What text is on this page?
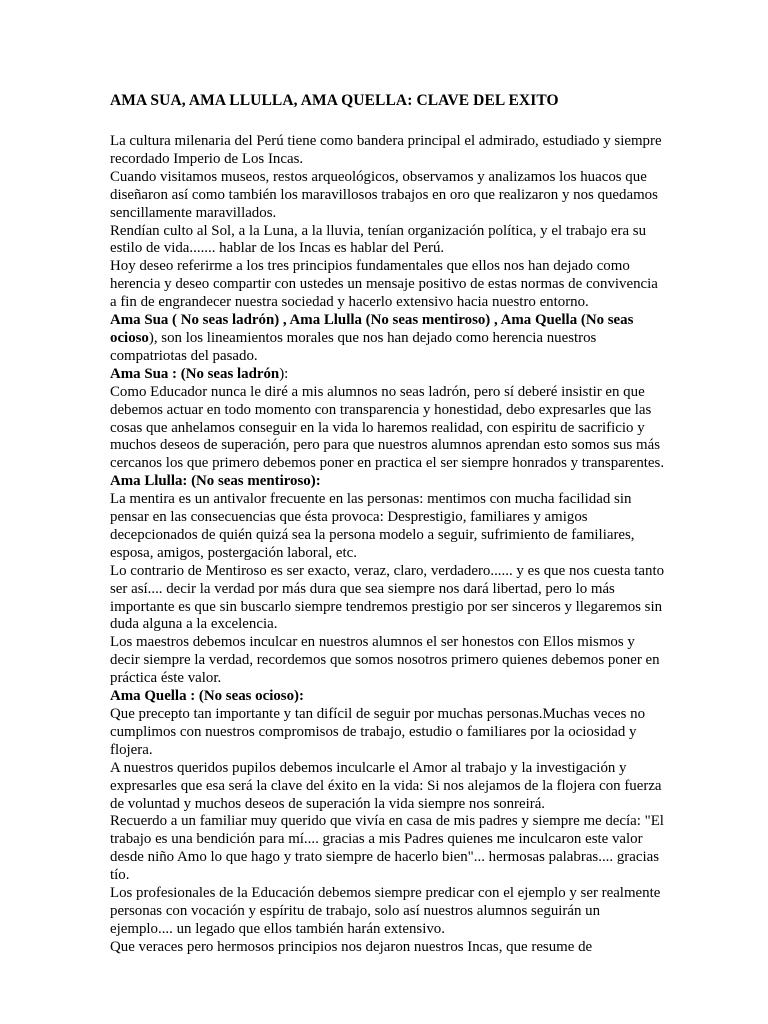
AMA SUA, AMA LLULLA, AMA QUELLA: CLAVE DEL EXITO

La cultura milenaria del Perú tiene como bandera principal el admirado, estudiado y siempre recordado Imperio de Los Incas.

Cuando visitamos museos, restos arqueológicos, observamos y analizamos los huacos que diseñaron así como también los maravillosos trabajos en oro que realizaron y nos quedamos sencillamente maravillados.

Rendían culto al Sol, a la Luna, a la lluvia, tenían organización política, y el trabajo era su estilo de vida....... hablar de los Incas es hablar del Perú.

Hoy deseo referirme a los tres principios fundamentales que ellos nos han dejado como herencia y deseo compartir con ustedes un mensaje positivo de estas normas de convivencia a fin de engrandecer nuestra sociedad y hacerlo extensivo hacia nuestro entorno.

Ama Sua ( No seas ladrón) , Ama Llulla (No seas mentiroso) , Ama Quella (No seas ocioso), son los lineamientos morales que nos han dejado como herencia nuestros compatriotas del pasado.

Ama Sua : (No seas ladrón):

Como Educador nunca le diré a mis alumnos no seas ladrón, pero sí deberé insistir en que debemos actuar en todo momento con transparencia y honestidad, debo expresarles que las cosas que anhelamos conseguir en la vida lo haremos realidad, con espiritu de sacrificio y muchos deseos de superación, pero para que nuestros alumnos aprendan esto somos sus más cercanos los que primero debemos poner en practica el ser siempre honrados y transparentes.

Ama Llulla: (No seas mentiroso):

La mentira es un antivalor frecuente en las personas: mentimos con mucha facilidad sin pensar en las consecuencias que ésta provoca: Desprestigio, familiares y amigos decepcionados de quién quizá sea la persona modelo a seguir, sufrimiento de familiares, esposa, amigos, postergación laboral, etc.

Lo contrario de Mentiroso es ser exacto, veraz, claro, verdadero...... y es que nos cuesta tanto ser así.... decir la verdad por más dura que sea siempre nos dará libertad, pero lo más importante es que sin buscarlo siempre tendremos prestigio por ser sinceros y llegaremos sin duda alguna a la excelencia.

Los maestros debemos inculcar en nuestros alumnos el ser honestos con Ellos mismos y decir siempre la verdad, recordemos que somos nosotros primero quienes debemos poner en práctica éste valor.

Ama Quella : (No seas ocioso):

Que precepto tan importante y tan difícil de seguir por muchas personas.Muchas veces no cumplimos con nuestros compromisos de trabajo, estudio o familiares por la ociosidad y flojera.

A nuestros queridos pupilos debemos inculcarle el Amor al trabajo y la investigación y expresarles que esa será la clave del éxito en la vida: Si nos alejamos de la flojera con fuerza de voluntad y muchos deseos de superación la vida siempre nos sonreirá.

Recuerdo a un familiar muy querido que vivía en casa de mis padres y siempre me decía: "El trabajo es una bendición para mí.... gracias a mis Padres quienes me inculcaron este valor desde niño Amo lo que hago y trato siempre de hacerlo bien"... hermosas palabras.... gracias tío.

Los profesionales de la Educación debemos siempre predicar con el ejemplo y ser realmente personas con vocación y espíritu de trabajo, solo así nuestros alumnos seguirán un ejemplo.... un legado que ellos también harán extensivo.

Que veraces pero hermosos principios nos dejaron nuestros Incas, que resume de
